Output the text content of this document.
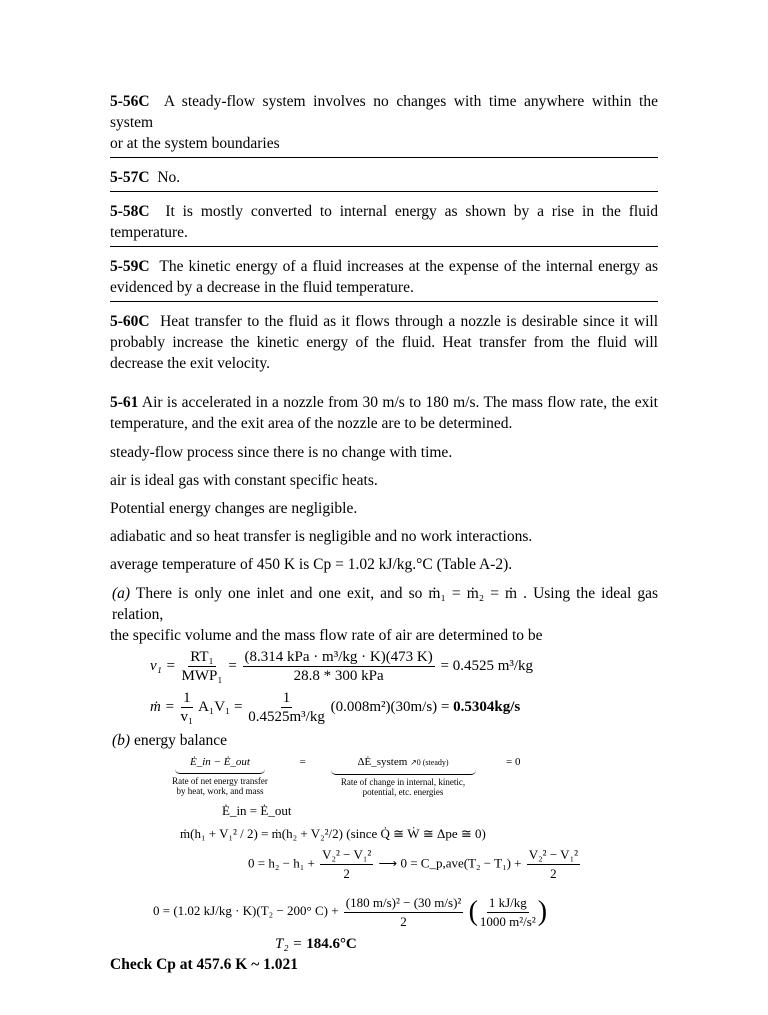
5-56C A steady-flow system involves no changes with time anywhere within the system
or at the system boundaries
5-57C No.
5-58C It is mostly converted to internal energy as shown by a rise in the fluid
temperature.
5-59C The kinetic energy of a fluid increases at the expense of the internal energy as
evidenced by a decrease in the fluid temperature.
5-60C Heat transfer to the fluid as it flows through a nozzle is desirable since it will
probably increase the kinetic energy of the fluid. Heat transfer from the fluid will
decrease the exit velocity.
5-61 Air is accelerated in a nozzle from 30 m/s to 180 m/s. The mass flow rate, the exit
temperature, and the exit area of the nozzle are to be determined.
steady-flow process since there is no change with time.
air is ideal gas with constant specific heats.
Potential energy changes are negligible.
adiabatic and so heat transfer is negligible and no work interactions.
average temperature of 450 K is Cp = 1.02 kJ/kg.°C (Table A-2).
(a) There is only one inlet and one exit, and so ṁ₁ = ṁ₂ = ṁ . Using the ideal gas relation,
the specific volume and the mass flow rate of air are determined to be
v₁ =
RT₁
MWP₁
=
(8.314 kPa · m³/kg · K)(473 K)
28.8 * 300 kPa
= 0.4525 m³/kg
ṁ = $\frac{1}{\text{v₁}} A_1V_1 = \frac{1}{\text{0.4525m³/kg}} (0.008m^2)(30m/s) = 0.5304kg/s$
(b) energy balance
Ė_in − Ė_out
Rate of net energy transfer
by heat, work, and mass
=	ΔĖ_system ↗0 (steady)
Rate of change in internal, kinetic,
potential, etc. energies
= 0
Ė_in = Ė_out
ṁ(h₁ + V₁² / 2) = ṁ(h₂ + V₂²/2) (since Q̇ ≅ Ẇ ≅ Δpe ≅ 0)
$0 = h_2 - h_1 + \frac{\text{V₂² − V₁²}}{2}$ ⟶ 0 = C_p,ave(T₂ − $T_1) + \frac{\text{V₂² − V₁²}}{2}$
0 = (1.02 kJ/kg · K)(T₂ − 200° $C) + \frac{\text{(180 m/s)² − (30 m/s)²}}{2}$ ( $\frac{1 kJ/kg}{\text{1000 m²/s²}}$ )
T₂ = 184.6°C
Check Cp at 457.6 K ~ 1.021
